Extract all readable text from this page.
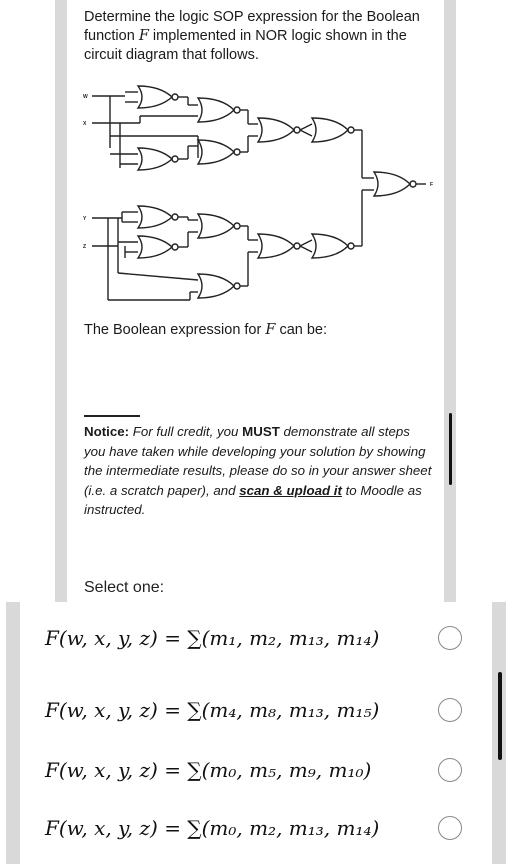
Determine the logic SOP expression for the Boolean function F implemented in NOR logic shown in the circuit diagram that follows.
W
X
Y
Z
F
The Boolean expression for F can be:
Notice: For full credit, you MUST demonstrate all steps you have taken while developing your solution by showing the intermediate results, please do so in your answer sheet (i.e. a scratch paper), and scan & upload it to Moodle as instructed.
Select one:
F(w, x, y, z) = ∑(m₁, m₂, m₁₃, m₁₄)
F(w, x, y, z) = ∑(m₄, m₈, m₁₃, m₁₅)
F(w, x, y, z) = ∑(m₀, m₅, m₉, m₁₀)
F(w, x, y, z) = ∑(m₀, m₂, m₁₃, m₁₄)
